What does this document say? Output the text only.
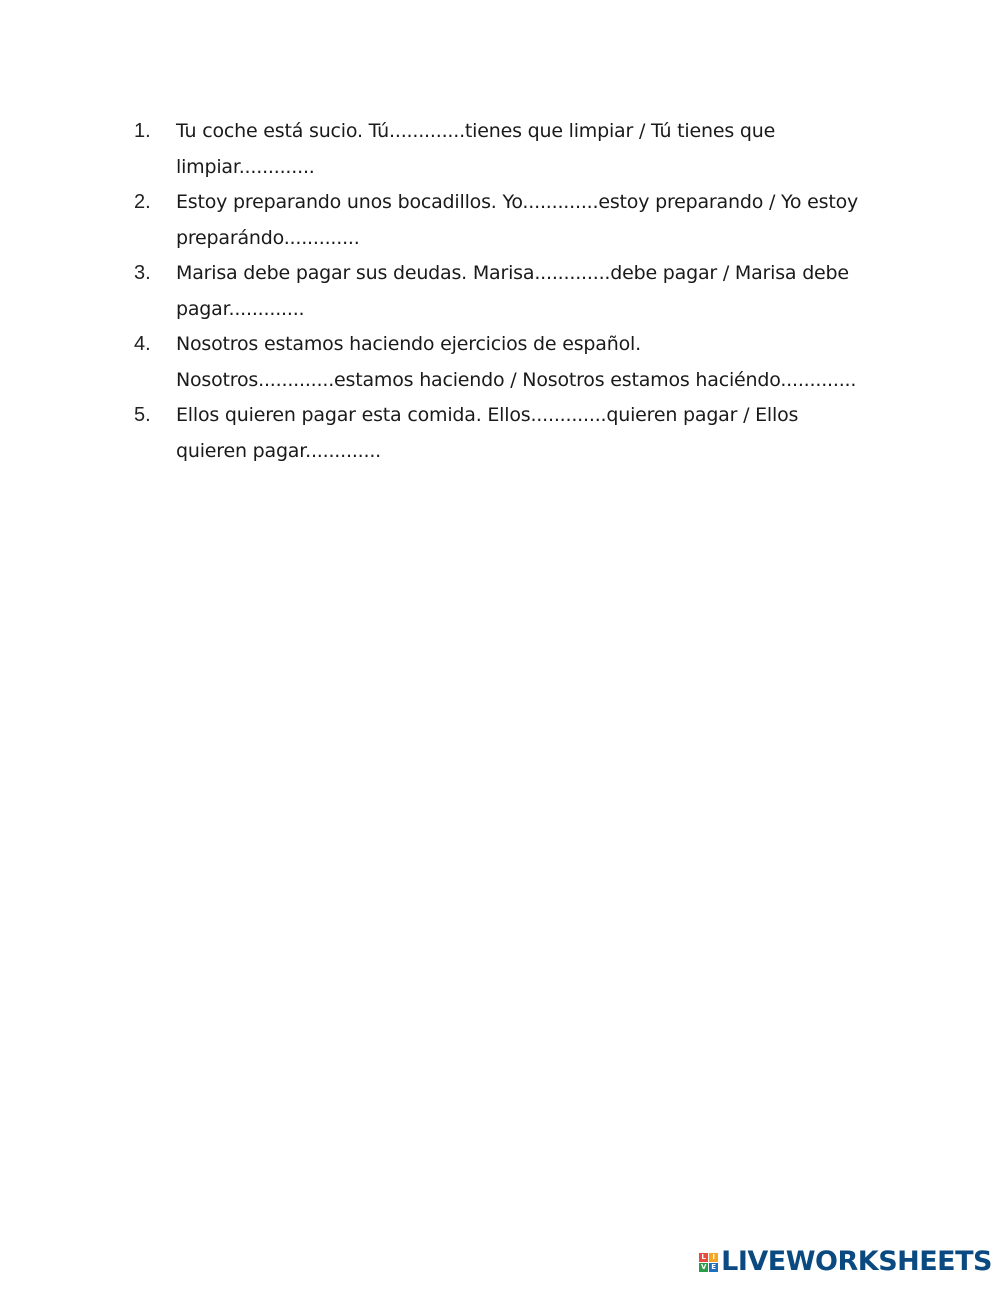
1.	Tu coche está sucio. Tú.............tienes que limpiar / Tú tienes que limpiar.............
2.	Estoy preparando unos bocadillos. Yo.............estoy preparando / Yo estoy preparándo.............
3.	Marisa debe pagar sus deudas. Marisa.............debe pagar / Marisa debe pagar.............
4.	Nosotros estamos haciendo ejercicios de español. Nosotros.............estamos haciendo / Nosotros estamos haciéndo.............
5.	Ellos quieren pagar esta comida. Ellos.............quieren pagar / Ellos quieren pagar.............
L I
V E LIVEWORKSHEETS
